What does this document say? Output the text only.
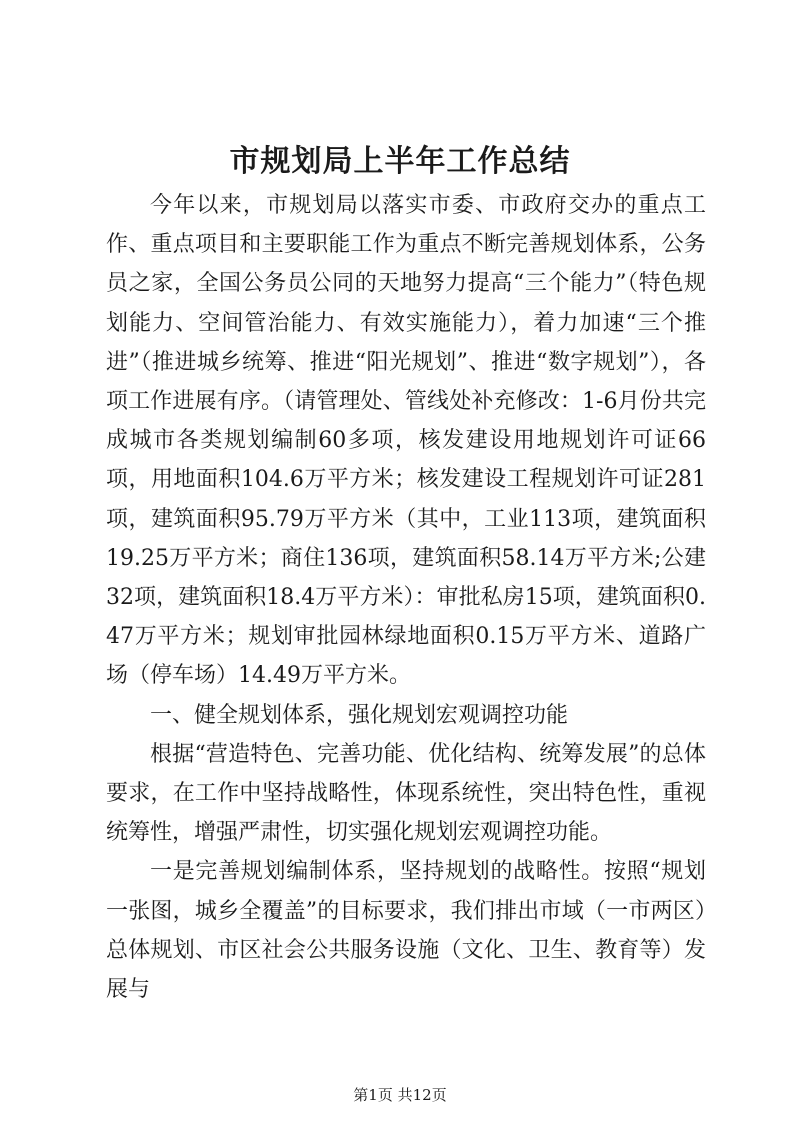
市规划局上半年工作总结

今年以来，市规划局以落实市委、市政府交办的重点工作、重点项目和主要职能工作为重点不断完善规划体系，公务员之家，全国公务员公同的天地努力提高“三个能力”（特色规划能力、空间管治能力、有效实施能力），着力加速“三个推进”（推进城乡统筹、推进“阳光规划”、推进“数字规划”），各项工作进展有序。（请管理处、管线处补充修改：1-6月份共完成城市各类规划编制60多项，核发建设用地规划许可证66项，用地面积104.6万平方米；核发建设工程规划许可证281项，建筑面积95.79万平方米（其中，工业113项，建筑面积19.25万平方米；商住136项，建筑面积58.14万平方米;公建32项，建筑面积18.4万平方米）：审批私房15项，建筑面积0.47万平方米；规划审批园林绿地面积0.15万平方米、道路广场（停车场）14.49万平方米。

一、健全规划体系，强化规划宏观调控功能

根据“营造特色、完善功能、优化结构、统筹发展”的总体要求，在工作中坚持战略性，体现系统性，突出特色性，重视统筹性，增强严肃性，切实强化规划宏观调控功能。

一是完善规划编制体系，坚持规划的战略性。按照“规划一张图，城乡全覆盖”的目标要求，我们排出市域（一市两区）总体规划、市区社会公共服务设施（文化、卫生、教育等）发展与

第1页 共12页
